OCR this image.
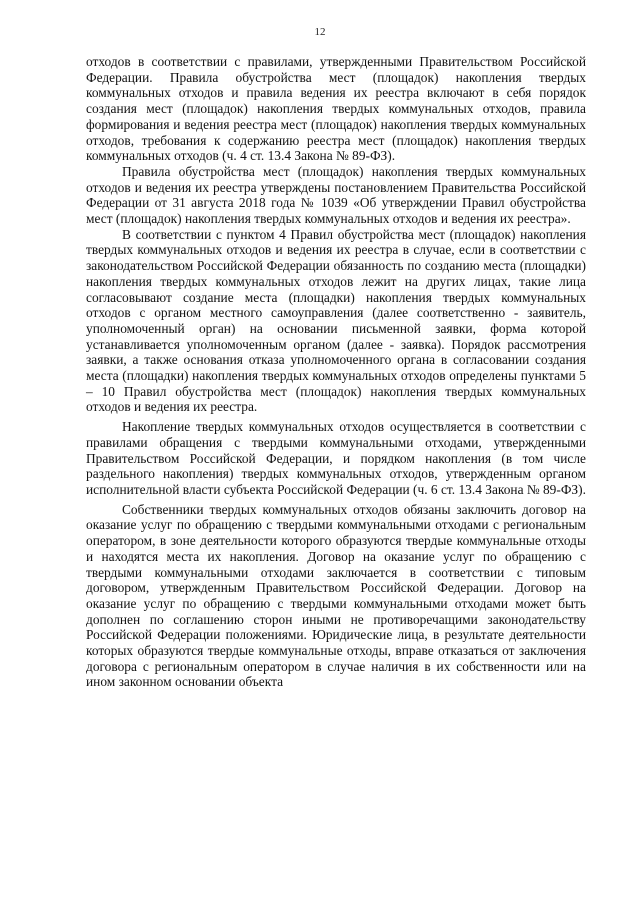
12

отходов в соответствии с правилами, утвержденными Правительством Российской Федерации. Правила обустройства мест (площадок) накопления твердых коммунальных отходов и правила ведения их реестра включают в себя порядок создания мест (площадок) накопления твердых коммунальных отходов, правила формирования и ведения реестра мест (площадок) накопления твердых коммунальных отходов, требования к содержанию реестра мест (площадок) накопления твердых коммунальных отходов (ч. 4 ст. 13.4 Закона № 89-ФЗ).

Правила обустройства мест (площадок) накопления твердых коммунальных отходов и ведения их реестра утверждены постановлением Правительства Российской Федерации от 31 августа 2018 года № 1039 «Об утверждении Правил обустройства мест (площадок) накопления твердых коммунальных отходов и ведения их реестра».

В соответствии с пунктом 4 Правил обустройства мест (площадок) накопления твердых коммунальных отходов и ведения их реестра в случае, если в соответствии с законодательством Российской Федерации обязанность по созданию места (площадки) накопления твердых коммунальных отходов лежит на других лицах, такие лица согласовывают создание места (площадки) накопления твердых коммунальных отходов с органом местного самоуправления (далее соответственно - заявитель, уполномоченный орган) на основании письменной заявки, форма которой устанавливается уполномоченным органом (далее - заявка). Порядок рассмотрения заявки, а также основания отказа уполномоченного органа в согласовании создания места (площадки) накопления твердых коммунальных отходов определены пунктами 5 – 10 Правил обустройства мест (площадок) накопления твердых коммунальных отходов и ведения их реестра.

Накопление твердых коммунальных отходов осуществляется в соответствии с правилами обращения с твердыми коммунальными отходами, утвержденными Правительством Российской Федерации, и порядком накопления (в том числе раздельного накопления) твердых коммунальных отходов, утвержденным органом исполнительной власти субъекта Российской Федерации (ч. 6 ст. 13.4 Закона № 89-ФЗ).

Собственники твердых коммунальных отходов обязаны заключить договор на оказание услуг по обращению с твердыми коммунальными отходами с региональным оператором, в зоне деятельности которого образуются твердые коммунальные отходы и находятся места их накопления. Договор на оказание услуг по обращению с твердыми коммунальными отходами заключается в соответствии с типовым договором, утвержденным Правительством Российской Федерации. Договор на оказание услуг по обращению с твердыми коммунальными отходами может быть дополнен по соглашению сторон иными не противоречащими законодательству Российской Федерации положениями. Юридические лица, в результате деятельности которых образуются твердые коммунальные отходы, вправе отказаться от заключения договора с региональным оператором в случае наличия в их собственности или на ином законном основании объекта
